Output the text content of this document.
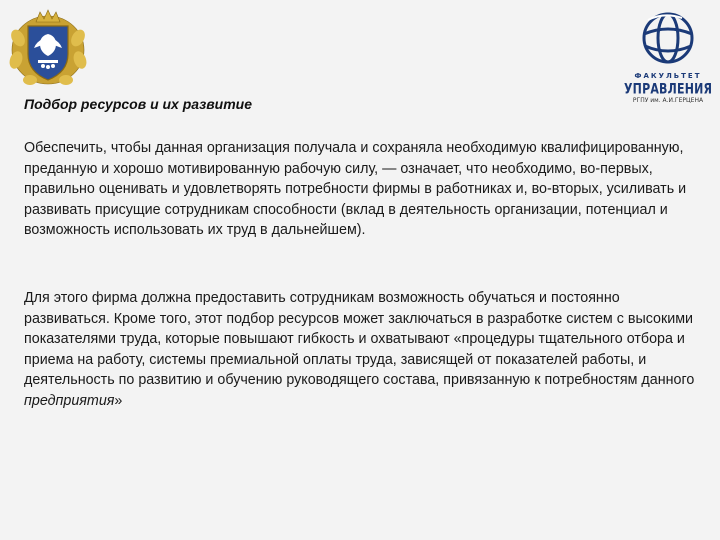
ФАКУЛЬТЕТ
УПРАВЛЕНИЯ
РГПУ им. А.И.ГЕРЦЕНА
Подбор ресурсов и их развитие

Обеспечить, чтобы данная организация получала и сохраняла необходимую квалифицированную, преданную и хорошо мотивированную рабочую силу, — означает, что необходимо, во-первых, правильно оценивать и удовлетворять потребности фирмы в работниках и, во-вторых, усиливать и развивать присущие сотрудникам способности (вклад в деятельность организации, потенциал и возможность использовать их труд в дальнейшем).

Для этого фирма должна предоставить сотрудникам возможность обучаться и постоянно развиваться. Кроме того, этот подбор ресурсов может заключаться в разработке систем с высокими показателями труда, которые повышают гибкость и охватывают «процедуры тщательного отбора и приема на работу, системы премиальной оплаты труда, зависящей от показателей работы, и деятельность по развитию и обучению руководящего состава, привязанную к потребностям данного предприятия»
